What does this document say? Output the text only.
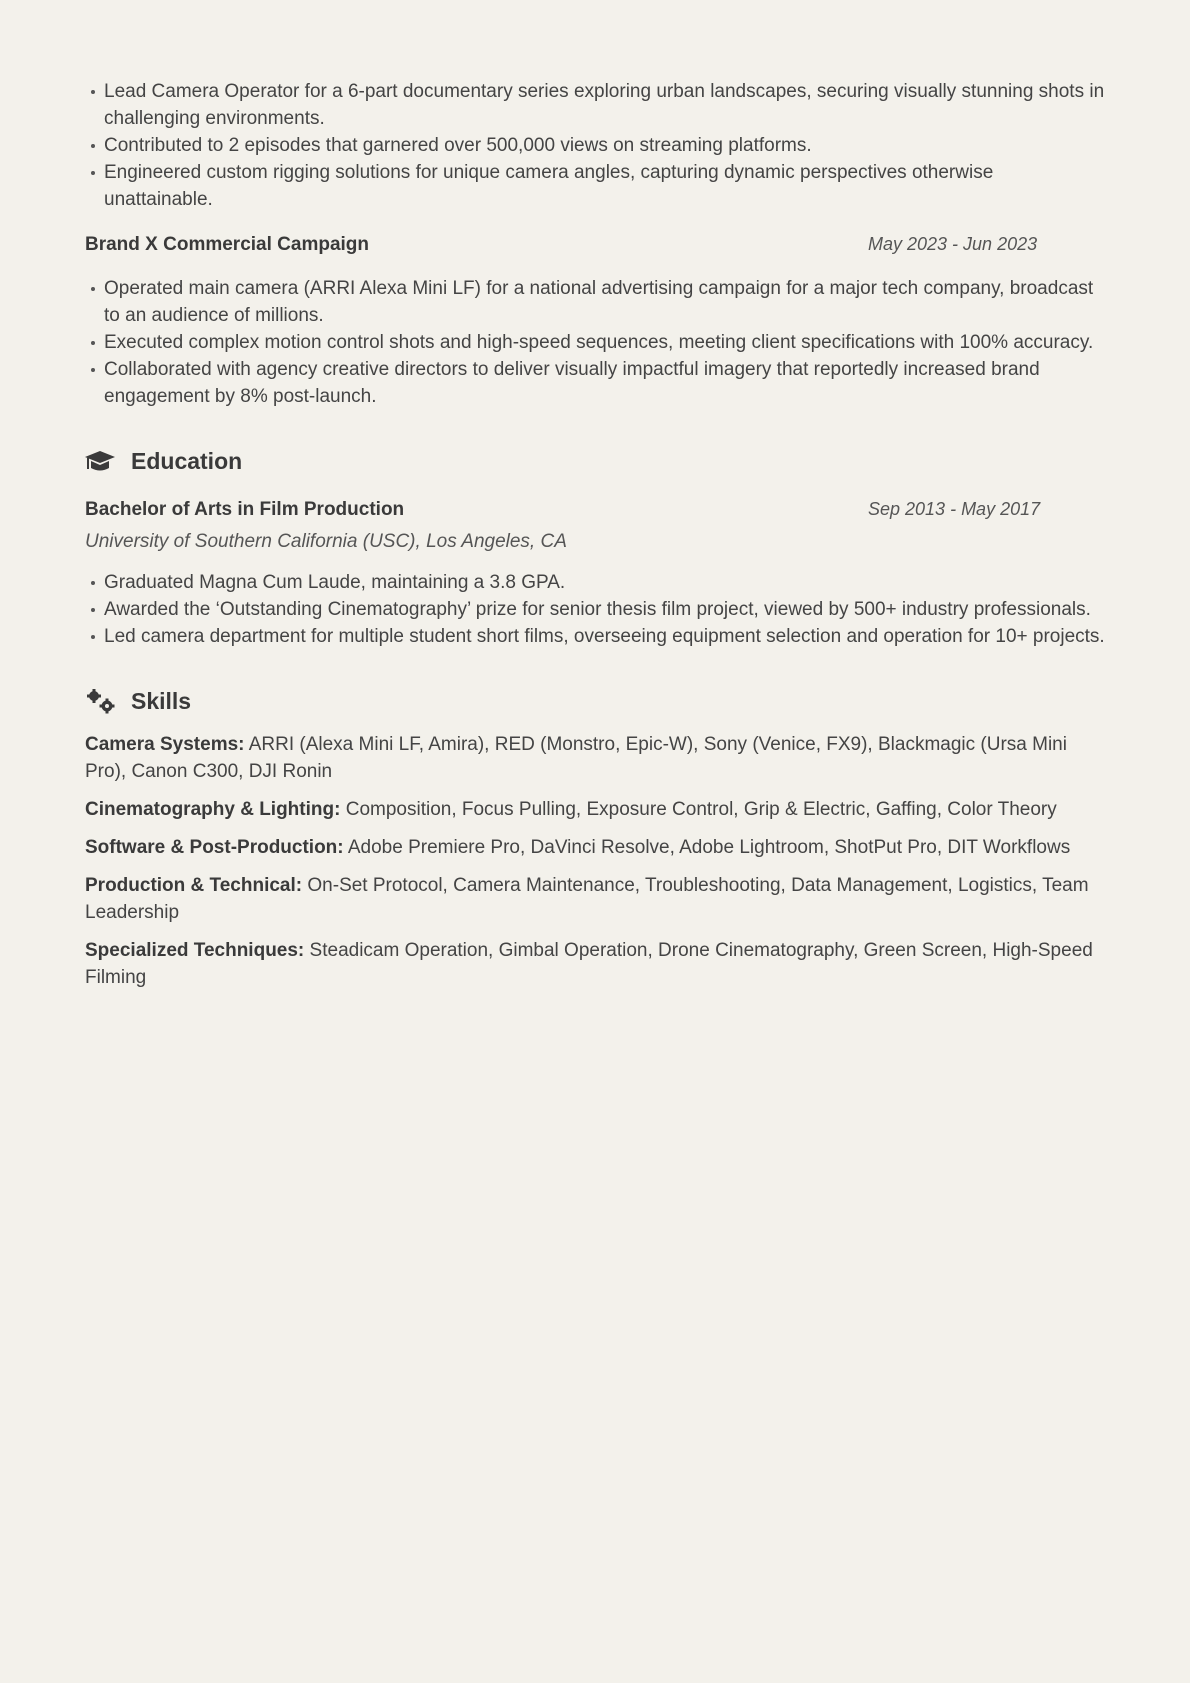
Lead Camera Operator for a 6-part documentary series exploring urban landscapes, securing visually stunning shots in challenging environments.
Contributed to 2 episodes that garnered over 500,000 views on streaming platforms.
Engineered custom rigging solutions for unique camera angles, capturing dynamic perspectives otherwise unattainable.
Brand X Commercial Campaign	May 2023 - Jun 2023
Operated main camera (ARRI Alexa Mini LF) for a national advertising campaign for a major tech company, broadcast to an audience of millions.
Executed complex motion control shots and high-speed sequences, meeting client specifications with 100% accuracy.
Collaborated with agency creative directors to deliver visually impactful imagery that reportedly increased brand engagement by 8% post-launch.
Education
Bachelor of Arts in Film Production	Sep 2013 - May 2017
University of Southern California (USC), Los Angeles, CA
Graduated Magna Cum Laude, maintaining a 3.8 GPA.
Awarded the ‘Outstanding Cinematography’ prize for senior thesis film project, viewed by 500+ industry professionals.
Led camera department for multiple student short films, overseeing equipment selection and operation for 10+ projects.
Skills
Camera Systems: ARRI (Alexa Mini LF, Amira), RED (Monstro, Epic-W), Sony (Venice, FX9), Blackmagic (Ursa Mini Pro), Canon C300, DJI Ronin
Cinematography & Lighting: Composition, Focus Pulling, Exposure Control, Grip & Electric, Gaffing, Color Theory
Software & Post-Production: Adobe Premiere Pro, DaVinci Resolve, Adobe Lightroom, ShotPut Pro, DIT Workflows
Production & Technical: On-Set Protocol, Camera Maintenance, Troubleshooting, Data Management, Logistics, Team Leadership
Specialized Techniques: Steadicam Operation, Gimbal Operation, Drone Cinematography, Green Screen, High-Speed Filming
